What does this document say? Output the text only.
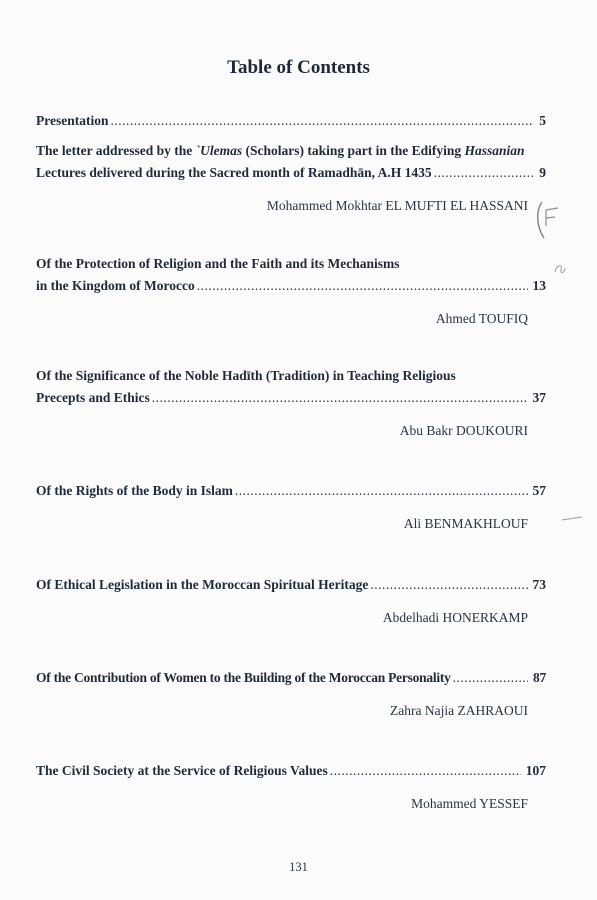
Table of Contents
Presentation .....	5
The letter addressed by the `Ulemas (Scholars) taking part in the Edifying Hassanian
Lectures delivered during the Sacred month of Ramadhān, A.H 1435 .....	9
Mohammed Mokhtar EL MUFTI EL HASSANI
Of the Protection of Religion and the Faith and its Mechanisms
in the Kingdom of Morocco .....	13
Ahmed TOUFIQ
Of the Significance of the Noble Hadīth (Tradition) in Teaching Religious
Precepts and Ethics .....	37
Abu Bakr DOUKOURI
Of the Rights of the Body in Islam .....	57
Ali BENMAKHLOUF
Of Ethical Legislation in the Moroccan Spiritual Heritage .....	73
Abdelhadi HONERKAMP
Of the Contribution of Women to the Building of the Moroccan Personality .....	87
Zahra Najia ZAHRAOUI
The Civil Society at the Service of Religious Values .....	107
Mohammed YESSEF
131
